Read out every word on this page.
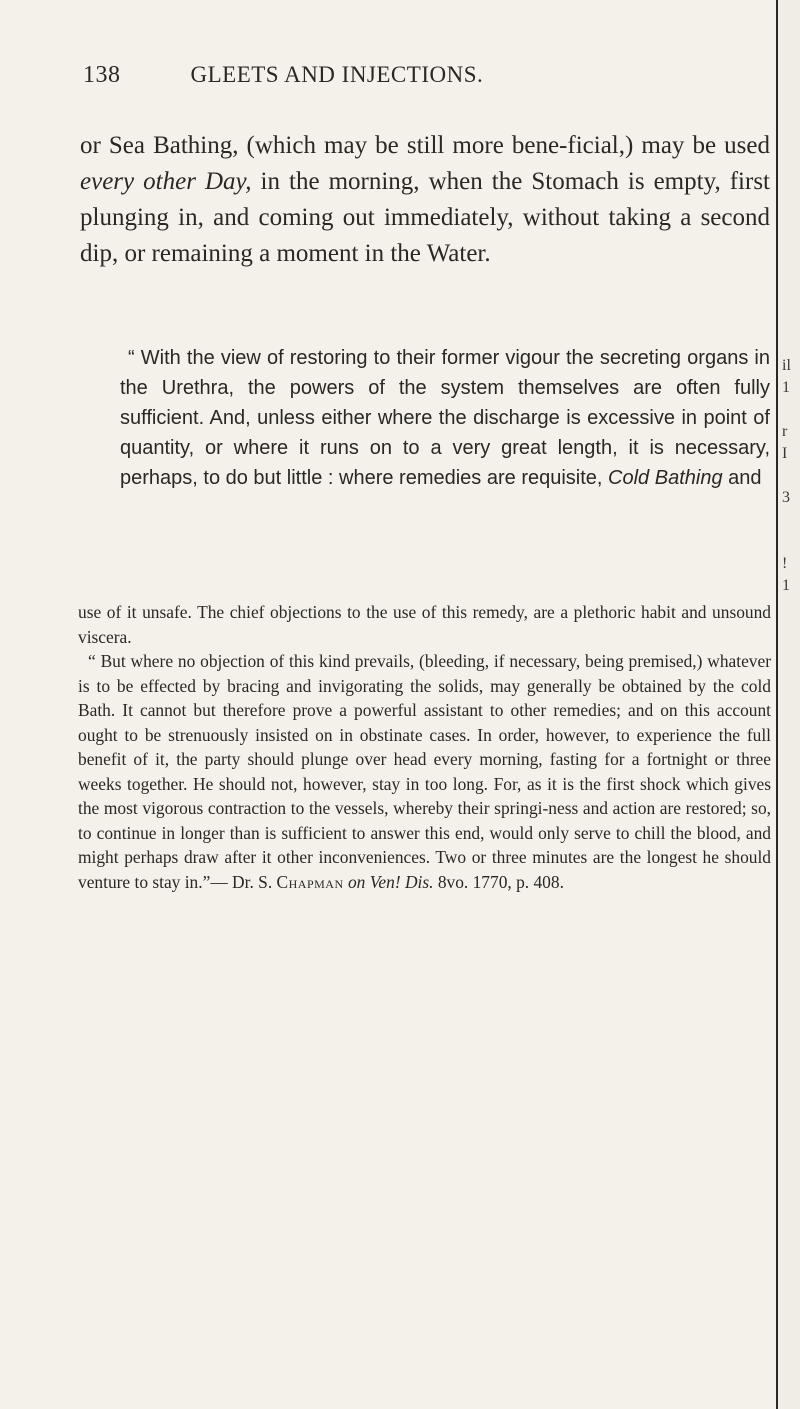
138	GLEETS AND INJECTIONS.

or Sea Bathing, (which may be still more bene-ficial,) may be used every other Day, in the morning, when the Stomach is empty, first plunging in, and coming out immediately, without taking a second dip, or remaining a moment in the Water.

“ With the view of restoring to their former vigour the secreting organs in the Urethra, the powers of the system themselves are often fully sufficient. And, unless either where the discharge is excessive in point of quantity, or where it runs on to a very great length, it is necessary, perhaps, to do but little : where remedies are requisite, Cold Bathing and

use of it unsafe. The chief objections to the use of this remedy, are a plethoric habit and unsound viscera.

“ But where no objection of this kind prevails, (bleeding, if necessary, being premised,) whatever is to be effected by bracing and invigorating the solids, may generally be obtained by the cold Bath. It cannot but therefore prove a powerful assistant to other remedies; and on this account ought to be strenuously insisted on in obstinate cases. In order, however, to experience the full benefit of it, the party should plunge over head every morning, fasting for a fortnight or three weeks together. He should not, however, stay in too long. For, as it is the first shock which gives the most vigorous contraction to the vessels, whereby their springi-ness and action are restored; so, to continue in longer than is sufficient to answer this end, would only serve to chill the blood, and might perhaps draw after it other inconveniences. Two or three minutes are the longest he should venture to stay in.”— Dr. S. Chapman on Ven! Dis. 8vo. 1770, p. 408.

il
1

r
I

3

!
1
